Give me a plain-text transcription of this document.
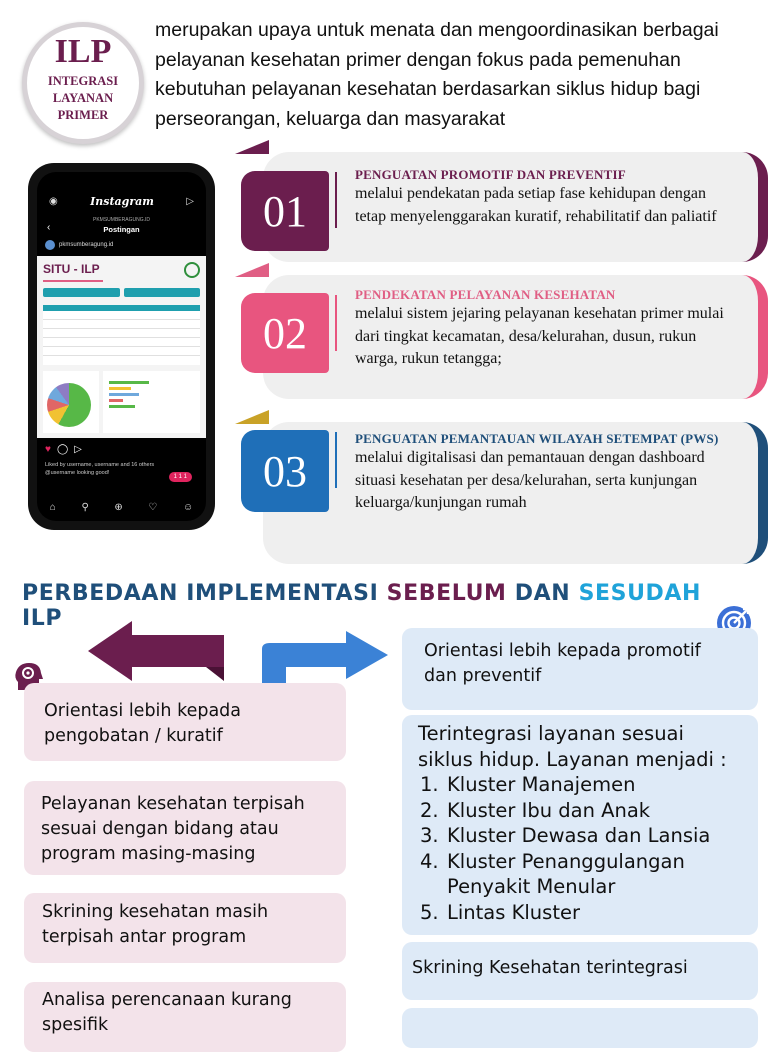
ILP
INTEGRASI LAYANAN PRIMER

merupakan upaya untuk menata dan mengoordinasikan berbagai pelayanan kesehatan primer dengan fokus pada pemenuhan kebutuhan pelayanan kesehatan berdasarkan siklus hidup bagi perseorangan, keluarga dan masyarakat

◉	Instagram	▷
PKMSUMBERAGUNG.ID
Postingan
‹
pkmsumberagung.id
SITU - ILP
♥ ◯ ▷
Liked by username, username and 16 others
@username looking good!
1 1 1
⌂	⚲	⊕	♡	☺
01
PENGUATAN PROMOTIF DAN PREVENTIF
melalui pendekatan pada setiap fase kehidupan dengan tetap menyelenggarakan kuratif, rehabilitatif dan paliatif
02
PENDEKATAN PELAYANAN KESEHATAN
melalui sistem jejaring pelayanan kesehatan primer mulai dari tingkat kecamatan, desa/kelurahan, dusun, rukun warga, rukun tetangga;
03
PENGUATAN PEMANTAUAN WILAYAH SETEMPAT (PWS)
melalui digitalisasi dan pemantauan dengan dashboard situasi kesehatan per desa/kelurahan, serta kunjungan keluarga/kunjungan rumah
PERBEDAAN IMPLEMENTASI SEBELUM DAN SESUDAH ILP

Orientasi lebih kepada pengobatan / kuratif

Pelayanan kesehatan terpisah sesuai dengan bidang atau program masing-masing

Skrining kesehatan masih terpisah antar program

Analisa perencanaan kurang spesifik

Orientasi lebih kepada promotif dan preventif

Terintegrasi layanan sesuai siklus hidup. Layanan menjadi :

1. Kluster Manajemen
2. Kluster Ibu dan Anak
3. Kluster Dewasa dan Lansia
4. Kluster Penanggulangan Penyakit Menular
5. Lintas Kluster

Skrining Kesehatan terintegrasi
